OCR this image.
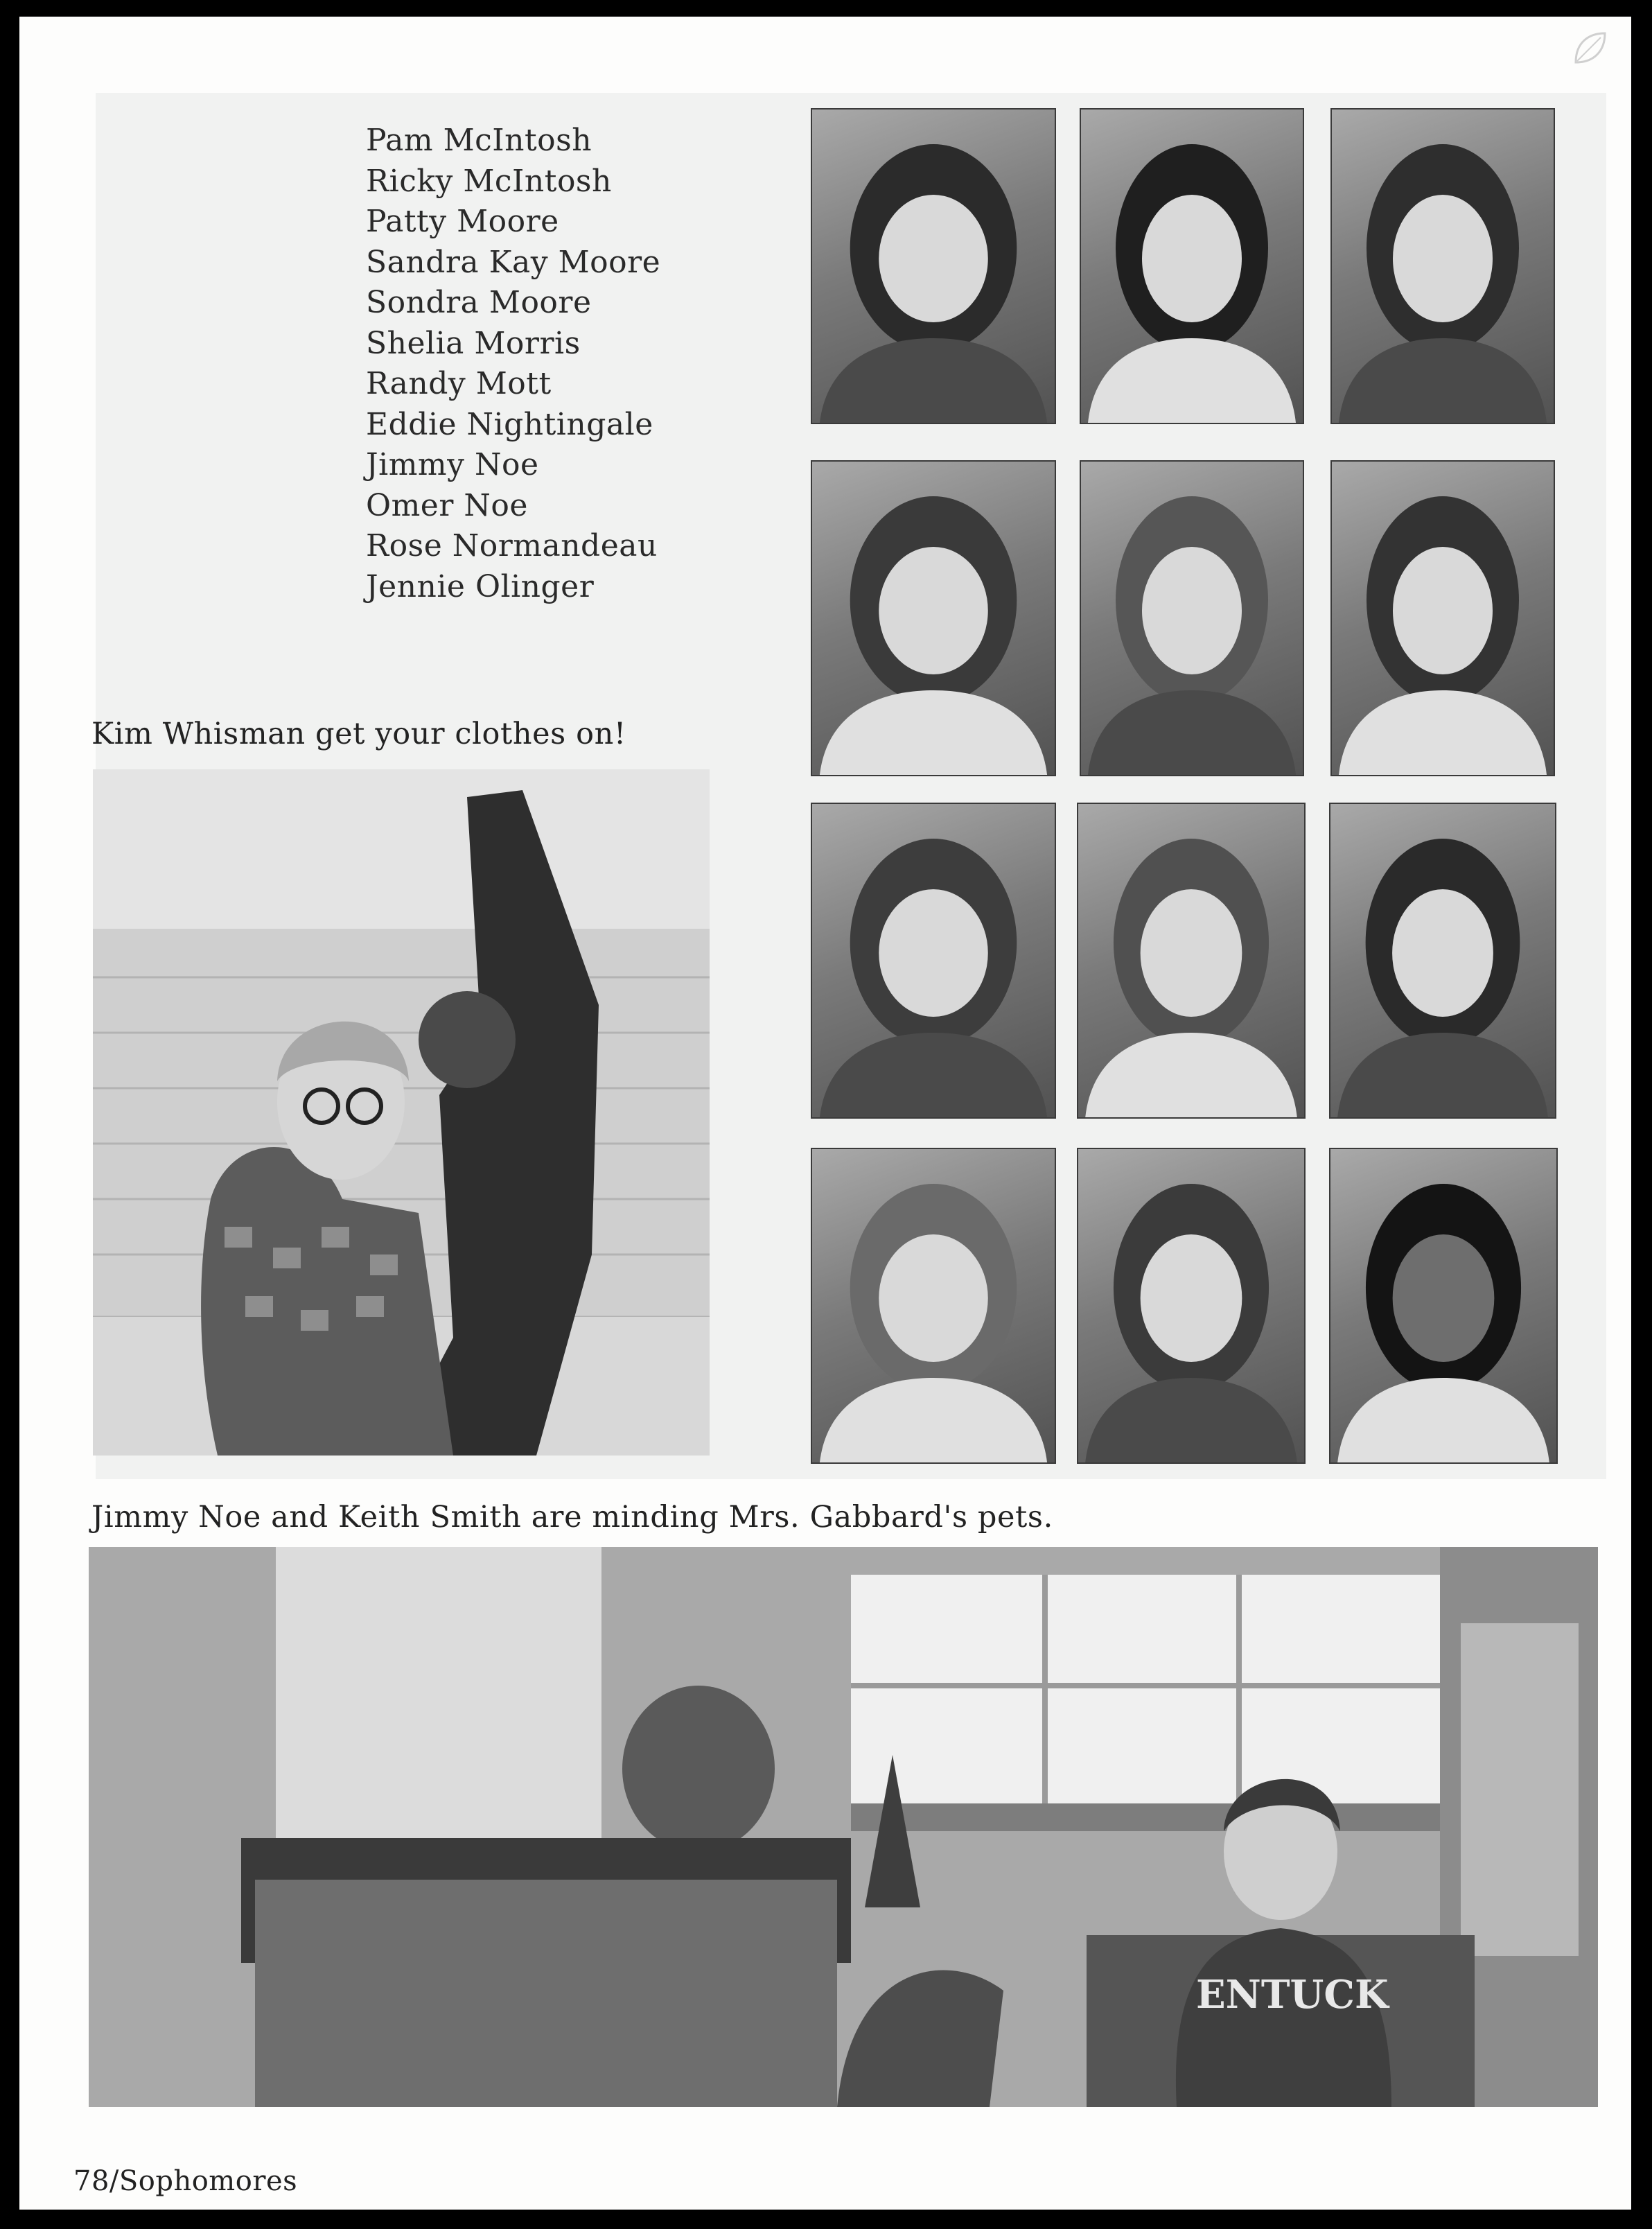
Pam McIntosh
Ricky McIntosh
Patty Moore
Sandra Kay Moore
Sondra Moore
Shelia Morris
Randy Mott
Eddie Nightingale
Jimmy Noe
Omer Noe
Rose Normandeau
Jennie Olinger
Kim Whisman get your clothes on!
Jimmy Noe and Keith Smith are minding Mrs. Gabbard's pets.
ENTUCK
78/Sophomores
